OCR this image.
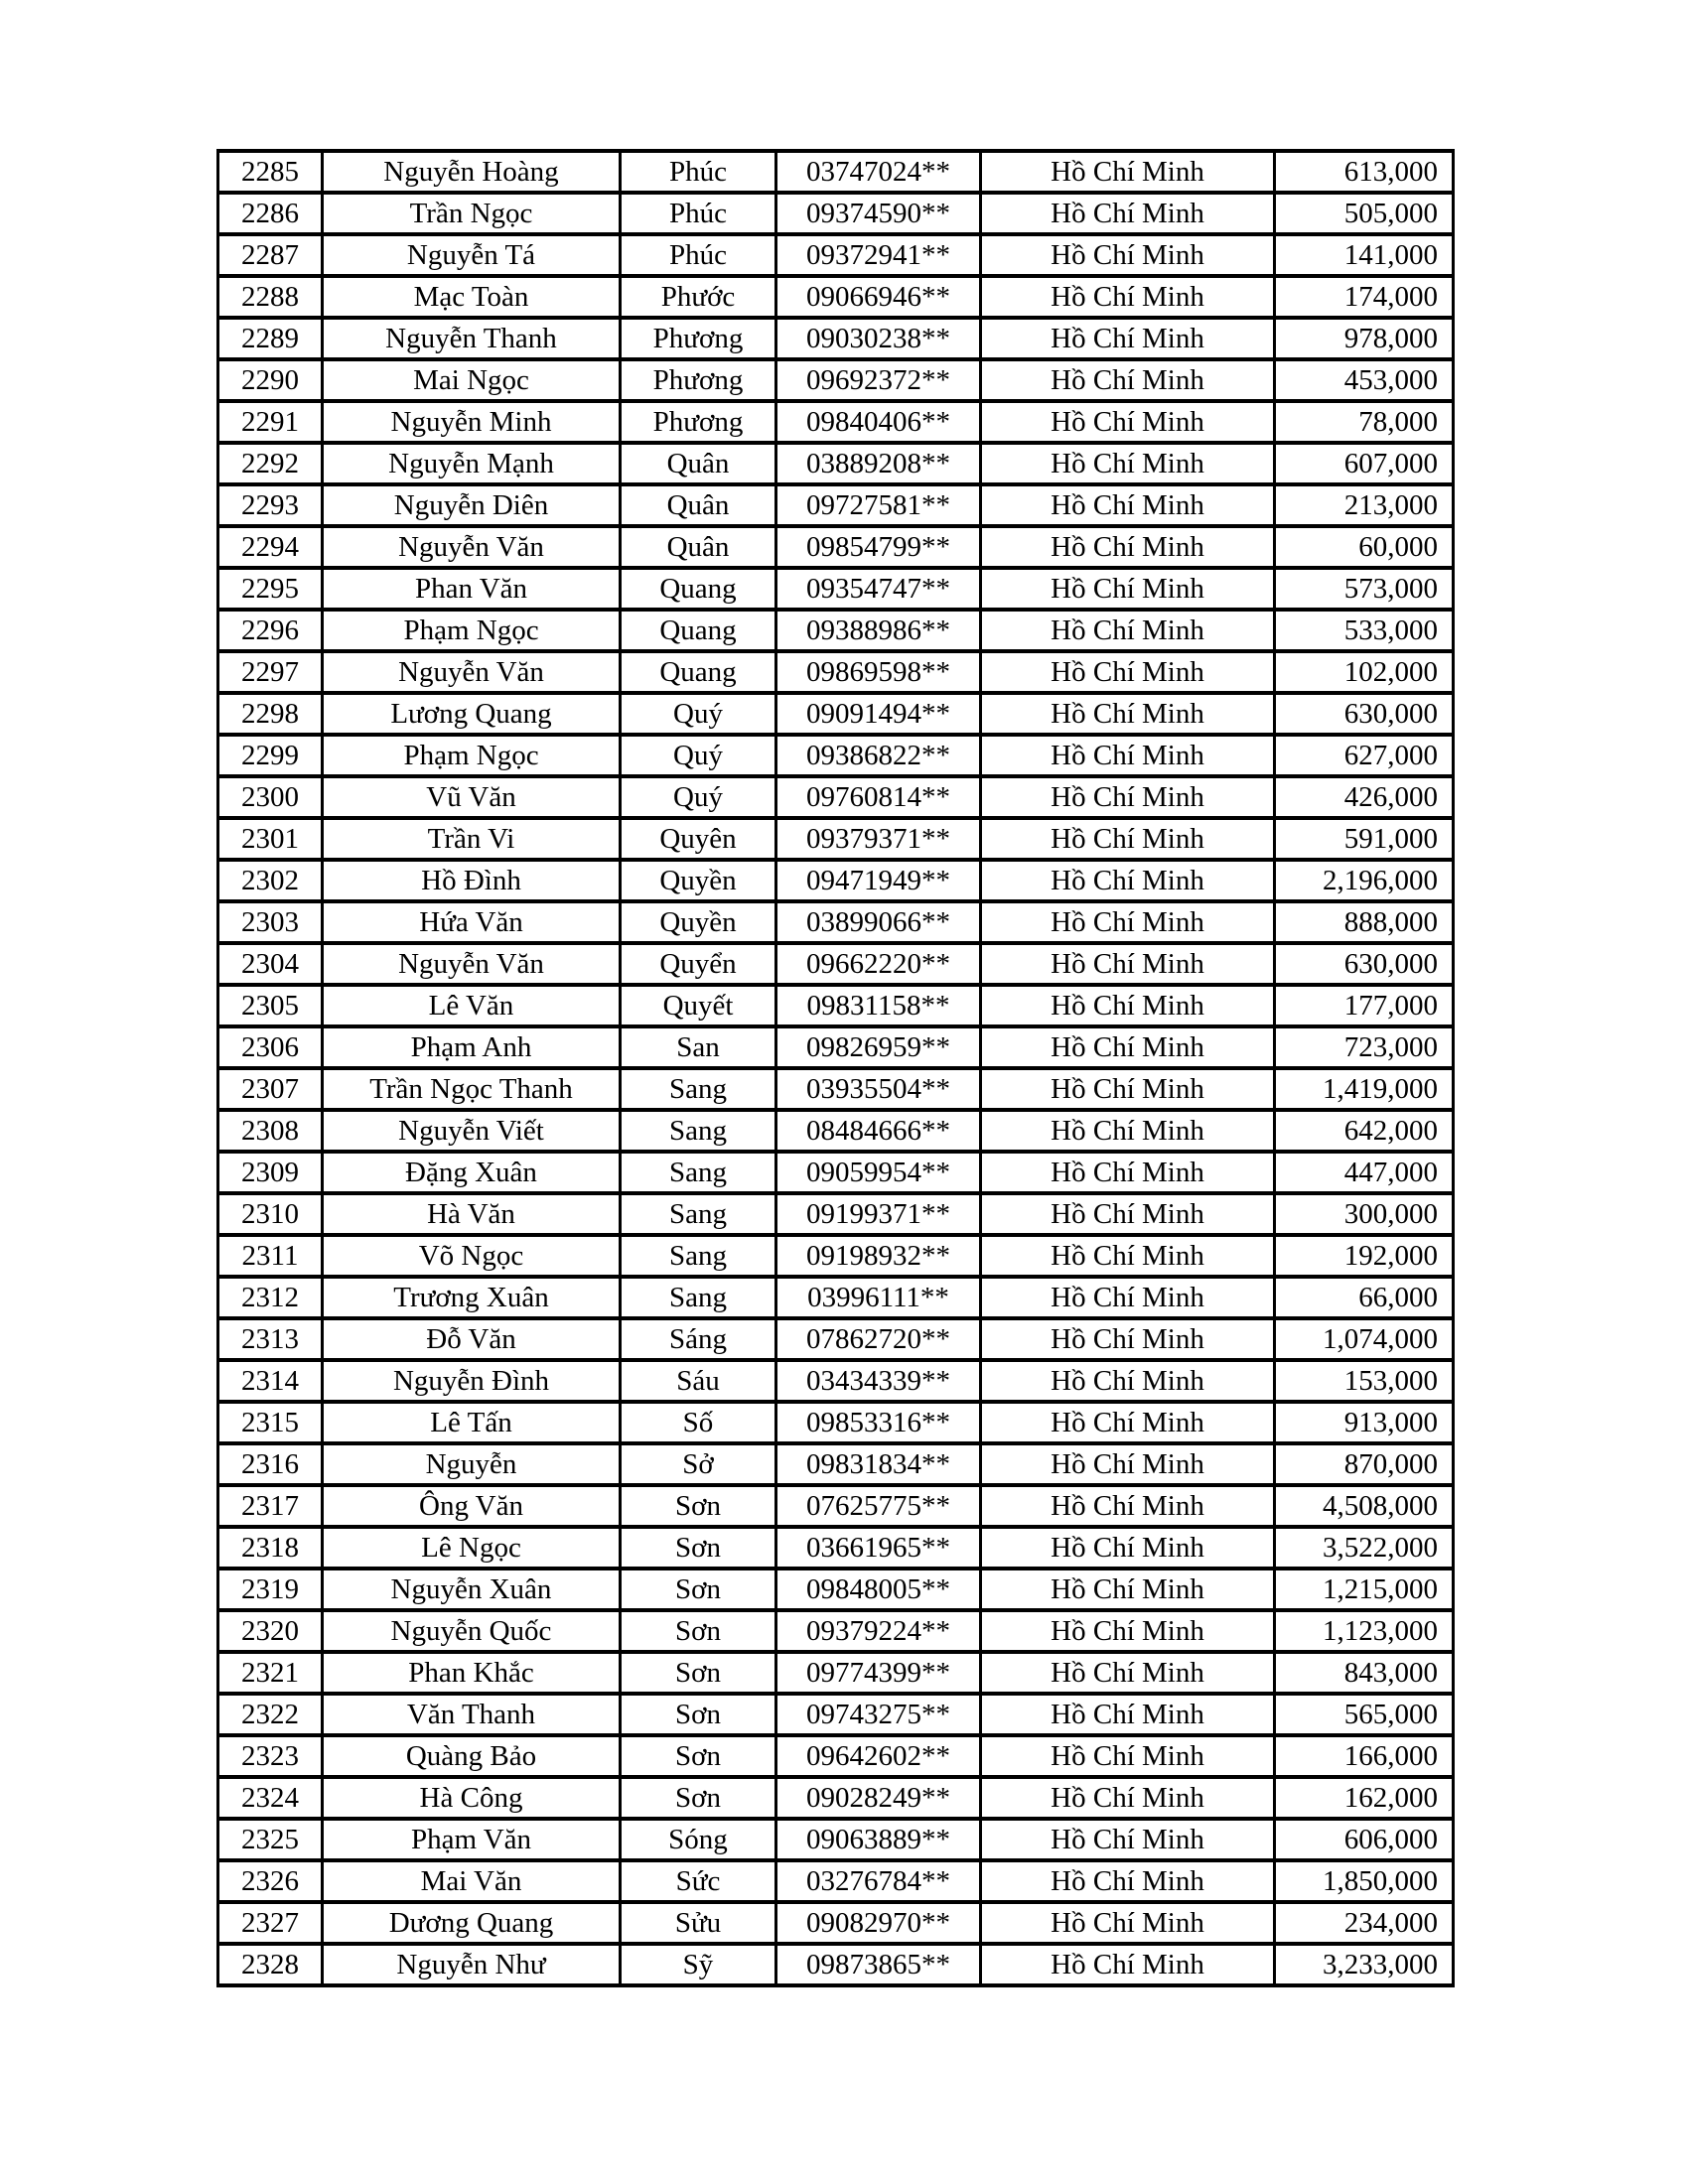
2285	Nguyễn Hoàng	Phúc	03747024**	Hồ Chí Minh	613,000
2286	Trần Ngọc	Phúc	09374590**	Hồ Chí Minh	505,000
2287	Nguyễn Tá	Phúc	09372941**	Hồ Chí Minh	141,000
2288	Mạc Toàn	Phước	09066946**	Hồ Chí Minh	174,000
2289	Nguyễn Thanh	Phương	09030238**	Hồ Chí Minh	978,000
2290	Mai Ngọc	Phương	09692372**	Hồ Chí Minh	453,000
2291	Nguyễn Minh	Phương	09840406**	Hồ Chí Minh	78,000
2292	Nguyễn Mạnh	Quân	03889208**	Hồ Chí Minh	607,000
2293	Nguyễn Diên	Quân	09727581**	Hồ Chí Minh	213,000
2294	Nguyễn Văn	Quân	09854799**	Hồ Chí Minh	60,000
2295	Phan Văn	Quang	09354747**	Hồ Chí Minh	573,000
2296	Phạm Ngọc	Quang	09388986**	Hồ Chí Minh	533,000
2297	Nguyễn Văn	Quang	09869598**	Hồ Chí Minh	102,000
2298	Lương Quang	Quý	09091494**	Hồ Chí Minh	630,000
2299	Phạm Ngọc	Quý	09386822**	Hồ Chí Minh	627,000
2300	Vũ Văn	Quý	09760814**	Hồ Chí Minh	426,000
2301	Trần Vi	Quyên	09379371**	Hồ Chí Minh	591,000
2302	Hồ Đình	Quyền	09471949**	Hồ Chí Minh	2,196,000
2303	Hứa Văn	Quyền	03899066**	Hồ Chí Minh	888,000
2304	Nguyễn Văn	Quyển	09662220**	Hồ Chí Minh	630,000
2305	Lê Văn	Quyết	09831158**	Hồ Chí Minh	177,000
2306	Phạm Anh	San	09826959**	Hồ Chí Minh	723,000
2307	Trần Ngọc Thanh	Sang	03935504**	Hồ Chí Minh	1,419,000
2308	Nguyễn Viết	Sang	08484666**	Hồ Chí Minh	642,000
2309	Đặng Xuân	Sang	09059954**	Hồ Chí Minh	447,000
2310	Hà Văn	Sang	09199371**	Hồ Chí Minh	300,000
2311	Võ Ngọc	Sang	09198932**	Hồ Chí Minh	192,000
2312	Trương Xuân	Sang	03996111**	Hồ Chí Minh	66,000
2313	Đỗ Văn	Sáng	07862720**	Hồ Chí Minh	1,074,000
2314	Nguyễn Đình	Sáu	03434339**	Hồ Chí Minh	153,000
2315	Lê Tấn	Số	09853316**	Hồ Chí Minh	913,000
2316	Nguyễn	Sở	09831834**	Hồ Chí Minh	870,000
2317	Ông Văn	Sơn	07625775**	Hồ Chí Minh	4,508,000
2318	Lê Ngọc	Sơn	03661965**	Hồ Chí Minh	3,522,000
2319	Nguyễn Xuân	Sơn	09848005**	Hồ Chí Minh	1,215,000
2320	Nguyễn Quốc	Sơn	09379224**	Hồ Chí Minh	1,123,000
2321	Phan Khắc	Sơn	09774399**	Hồ Chí Minh	843,000
2322	Văn Thanh	Sơn	09743275**	Hồ Chí Minh	565,000
2323	Quàng Bảo	Sơn	09642602**	Hồ Chí Minh	166,000
2324	Hà Công	Sơn	09028249**	Hồ Chí Minh	162,000
2325	Phạm Văn	Sóng	09063889**	Hồ Chí Minh	606,000
2326	Mai Văn	Sức	03276784**	Hồ Chí Minh	1,850,000
2327	Dương Quang	Sửu	09082970**	Hồ Chí Minh	234,000
2328	Nguyễn Như	Sỹ	09873865**	Hồ Chí Minh	3,233,000
